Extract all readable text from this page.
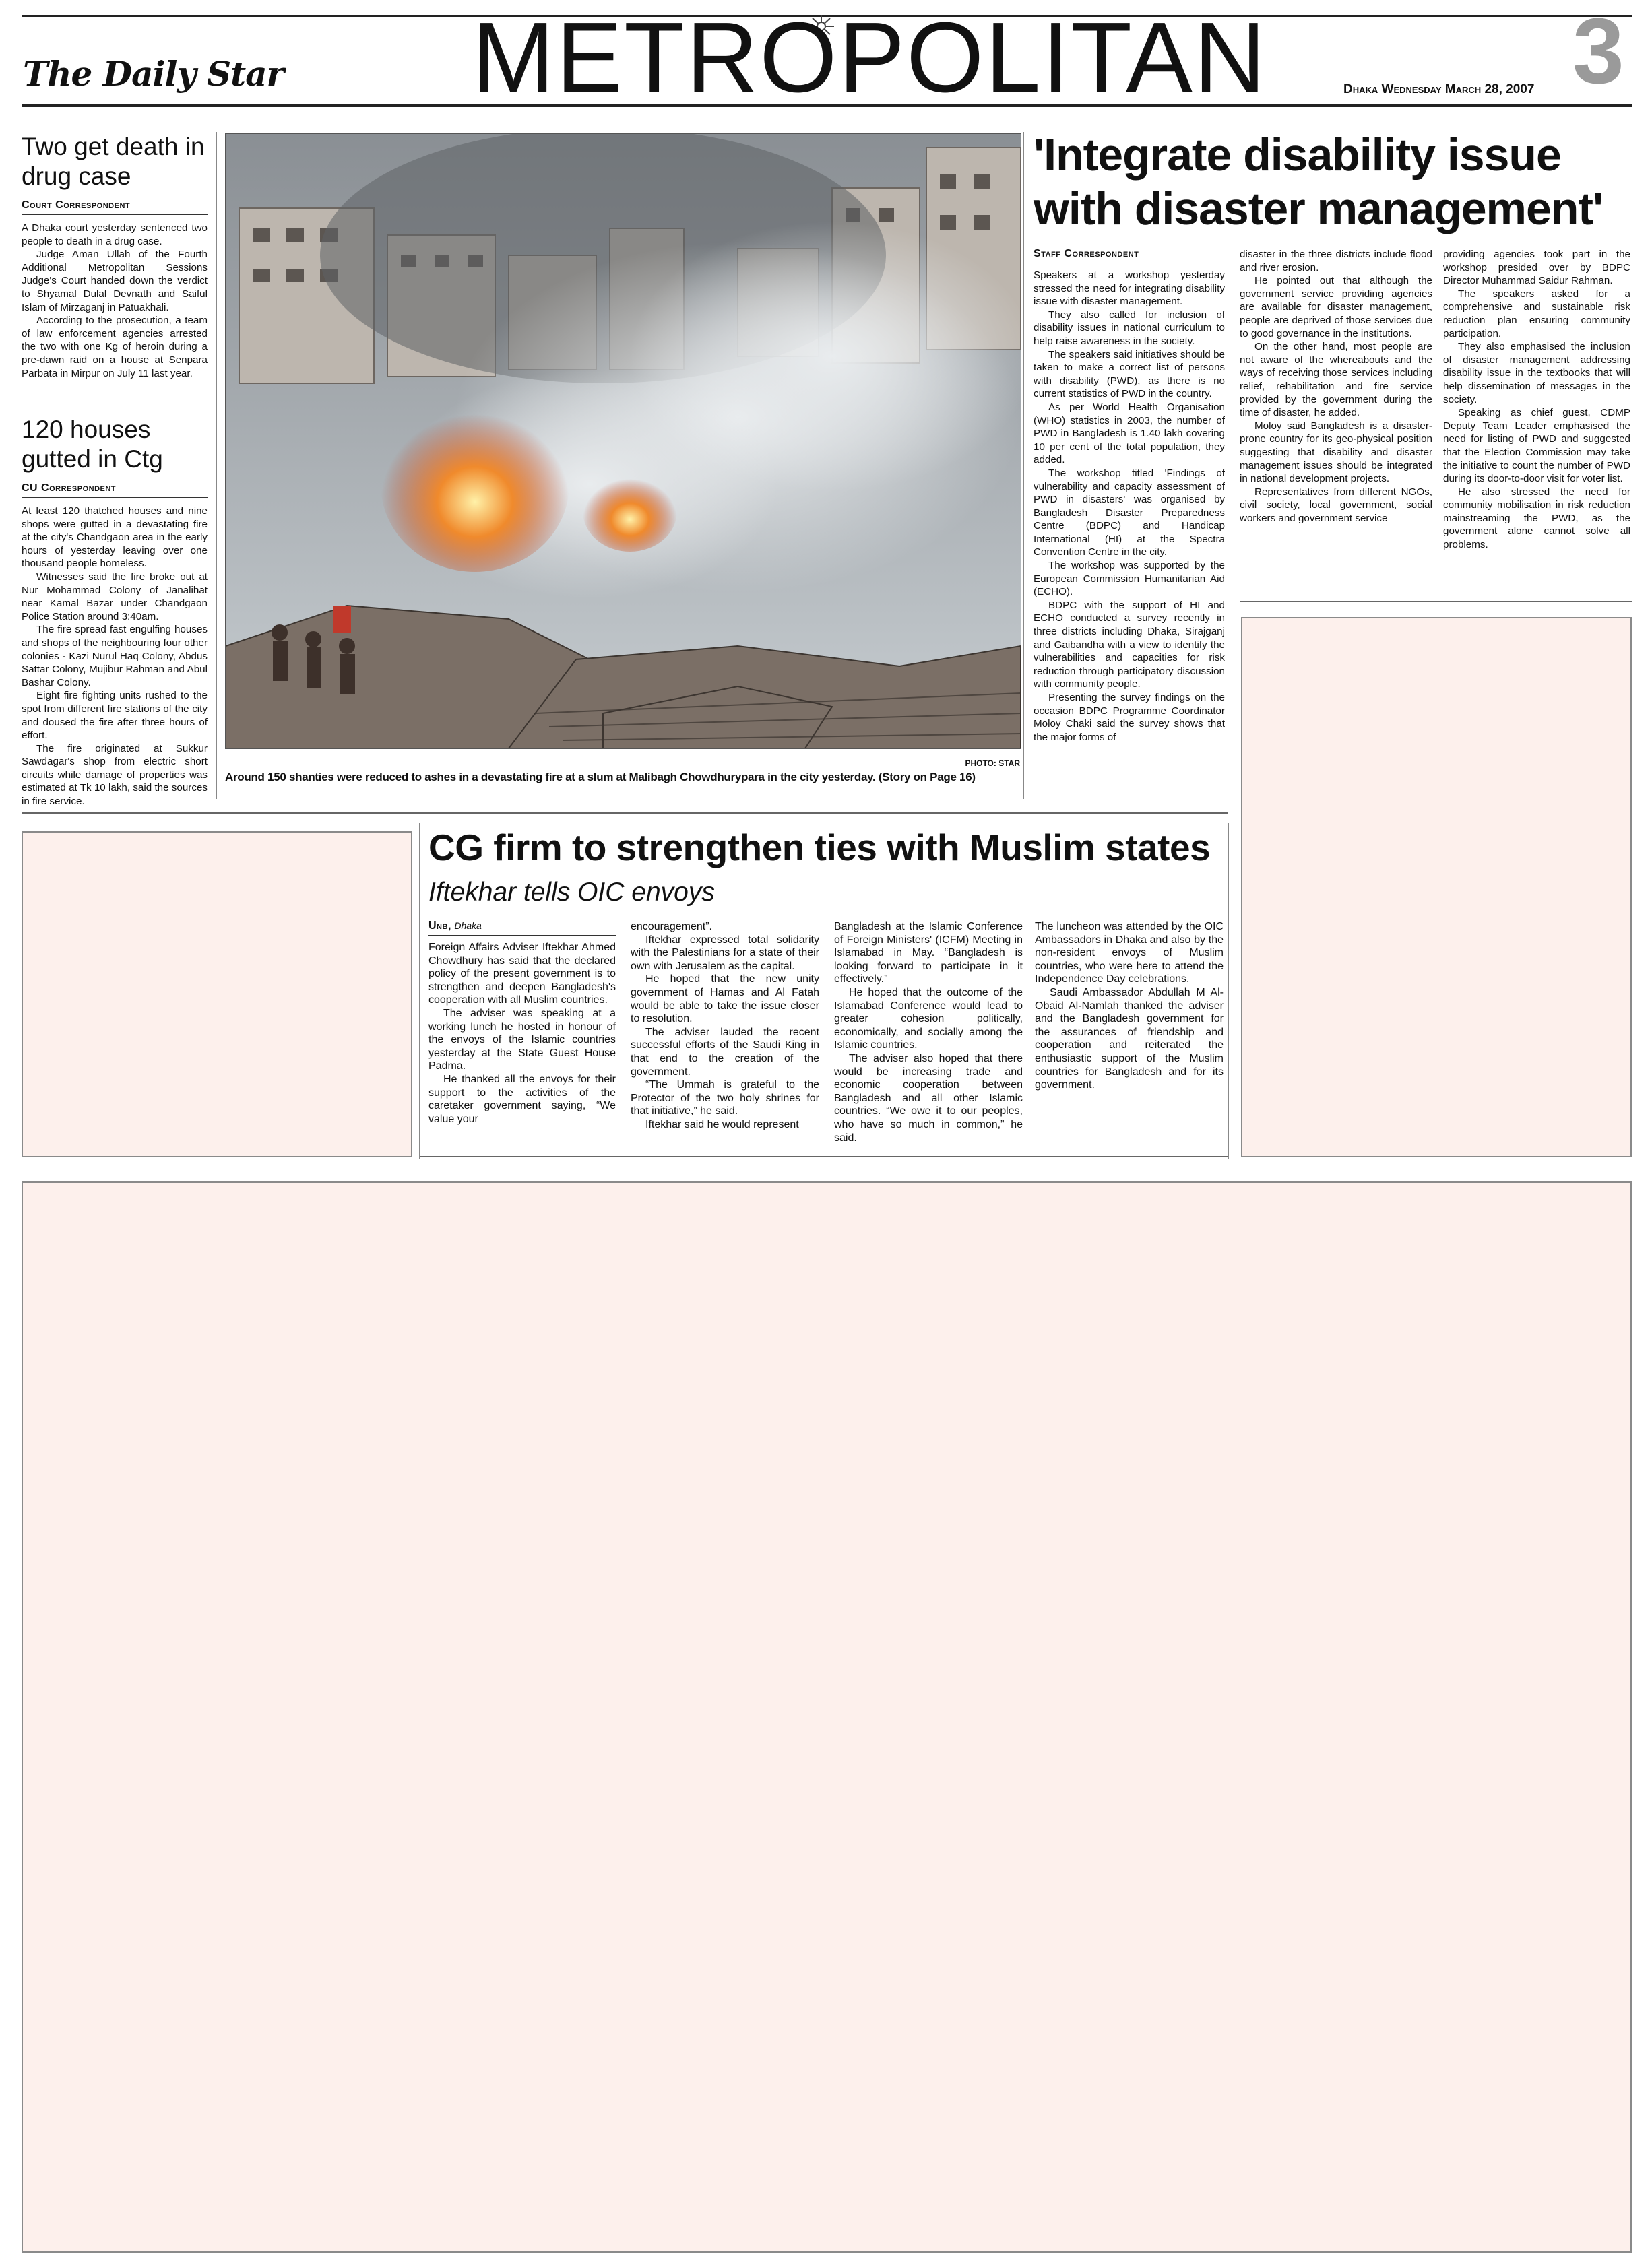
The Daily Star METROPOLITAN	Dhaka Wednesday March 28, 2007 3
Two get death in drug case
Court Correspondent

A Dhaka court yesterday sentenced two people to death in a drug case.

Judge Aman Ullah of the Fourth Additional Metropolitan Sessions Judge's Court handed down the verdict to Shyamal Dulal Devnath and Saiful Islam of Mirzaganj in Patuakhali.

According to the prosecution, a team of law enforcement agencies arrested the two with one Kg of heroin during a pre-dawn raid on a house at Senpara Parbata in Mirpur on July 11 last year.

120 houses gutted in Ctg
CU Correspondent

At least 120 thatched houses and nine shops were gutted in a devastating fire at the city's Chandgaon area in the early hours of yesterday leaving over one thousand people homeless.

Witnesses said the fire broke out at Nur Mohammad Colony of Janalihat near Kamal Bazar under Chandgaon Police Station around 3:40am.

The fire spread fast engulfing houses and shops of the neighbouring four other colonies - Kazi Nurul Haq Colony, Abdus Sattar Colony, Mujibur Rahman and Abul Bashar Colony.

Eight fire fighting units rushed to the spot from different fire stations of the city and doused the fire after three hours of effort.

The fire originated at Sukkur Sawdagar's shop from electric short circuits while damage of properties was estimated at Tk 10 lakh, said the sources in fire service.

PHOTO: STAR
Around 150 shanties were reduced to ashes in a devastating fire at a slum at Malibagh Chowdhurypara in the city yesterday. (Story on Page 16)
'Integrate disability issue with disaster management'
Staff Correspondent

Speakers at a workshop yesterday stressed the need for integrating disability issue with disaster management.

They also called for inclusion of disability issues in national curriculum to help raise awareness in the society.

The speakers said initiatives should be taken to make a correct list of persons with disability (PWD), as there is no current statistics of PWD in the country.

As per World Health Organisation (WHO) statistics in 2003, the number of PWD in Bangladesh is 1.40 lakh covering 10 per cent of the total population, they added.

The workshop titled 'Findings of vulnerability and capacity assessment of PWD in disasters' was organised by Bangladesh Disaster Preparedness Centre (BDPC) and Handicap International (HI) at the Spectra Convention Centre in the city.

The workshop was supported by the European Commission Humanitarian Aid (ECHO).

BDPC with the support of HI and ECHO conducted a survey recently in three districts including Dhaka, Sirajganj and Gaibandha with a view to identify the vulnerabilities and capacities for risk reduction through participatory discussion with community people.

Presenting the survey findings on the occasion BDPC Programme Coordinator Moloy Chaki said the survey shows that the major forms of

disaster in the three districts include flood and river erosion.

He pointed out that although the government service providing agencies are available for disaster management, people are deprived of those services due to good governance in the institutions.

On the other hand, most people are not aware of the whereabouts and the ways of receiving those services including relief, rehabilitation and fire service provided by the government during the time of disaster, he added.

Moloy said Bangladesh is a disaster-prone country for its geo-physical position suggesting that disability and disaster management issues should be integrated in national development projects.

Representatives from different NGOs, civil society, local government, social workers and government service

providing agencies took part in the workshop presided over by BDPC Director Muhammad Saidur Rahman.

The speakers asked for a comprehensive and sustainable risk reduction plan ensuring community participation.

They also emphasised the inclusion of disaster management addressing disability issue in the textbooks that will help dissemination of messages in the society.

Speaking as chief guest, CDMP Deputy Team Leader emphasised the need for listing of PWD and suggested that the Election Commission may take the initiative to count the number of PWD during its door-to-door visit for voter list.

He also stressed the need for community mobilisation in risk reduction mainstreaming the PWD, as the government alone cannot solve all problems.

CG firm to strengthen ties with Muslim states
Iftekhar tells OIC envoys
Unb, Dhaka

Foreign Affairs Adviser Iftekhar Ahmed Chowdhury has said that the declared policy of the present government is to strengthen and deepen Bangladesh's cooperation with all Muslim countries.

The adviser was speaking at a working lunch he hosted in honour of the envoys of the Islamic countries yesterday at the State Guest House Padma.

He thanked all the envoys for their support to the activities of the caretaker government saying, “We value your

encouragement”.

Iftekhar expressed total solidarity with the Palestinians for a state of their own with Jerusalem as the capital.

He hoped that the new unity government of Hamas and Al Fatah would be able to take the issue closer to resolution.

The adviser lauded the recent successful efforts of the Saudi King in that end to the creation of the government.

“The Ummah is grateful to the Protector of the two holy shrines for that initiative,” he said.

Iftekhar said he would represent

Bangladesh at the Islamic Conference of Foreign Ministers' (ICFM) Meeting in Islamabad in May. “Bangladesh is looking forward to participate in it effectively.”

He hoped that the outcome of the Islamabad Conference would lead to greater cohesion politically, economically, and socially among the Islamic countries.

The adviser also hoped that there would be increasing trade and economic cooperation between Bangladesh and all other Islamic countries. “We owe it to our peoples, who have so much in common,” he said.

The luncheon was attended by the OIC Ambassadors in Dhaka and also by the non-resident envoys of Muslim countries, who were here to attend the Independence Day celebrations.

Saudi Ambassador Abdullah M Al-Obaid Al-Namlah thanked the adviser and the Bangladesh government for the assurances of friendship and cooperation and reiterated the enthusiastic support of the Muslim countries for Bangladesh and for its government.
